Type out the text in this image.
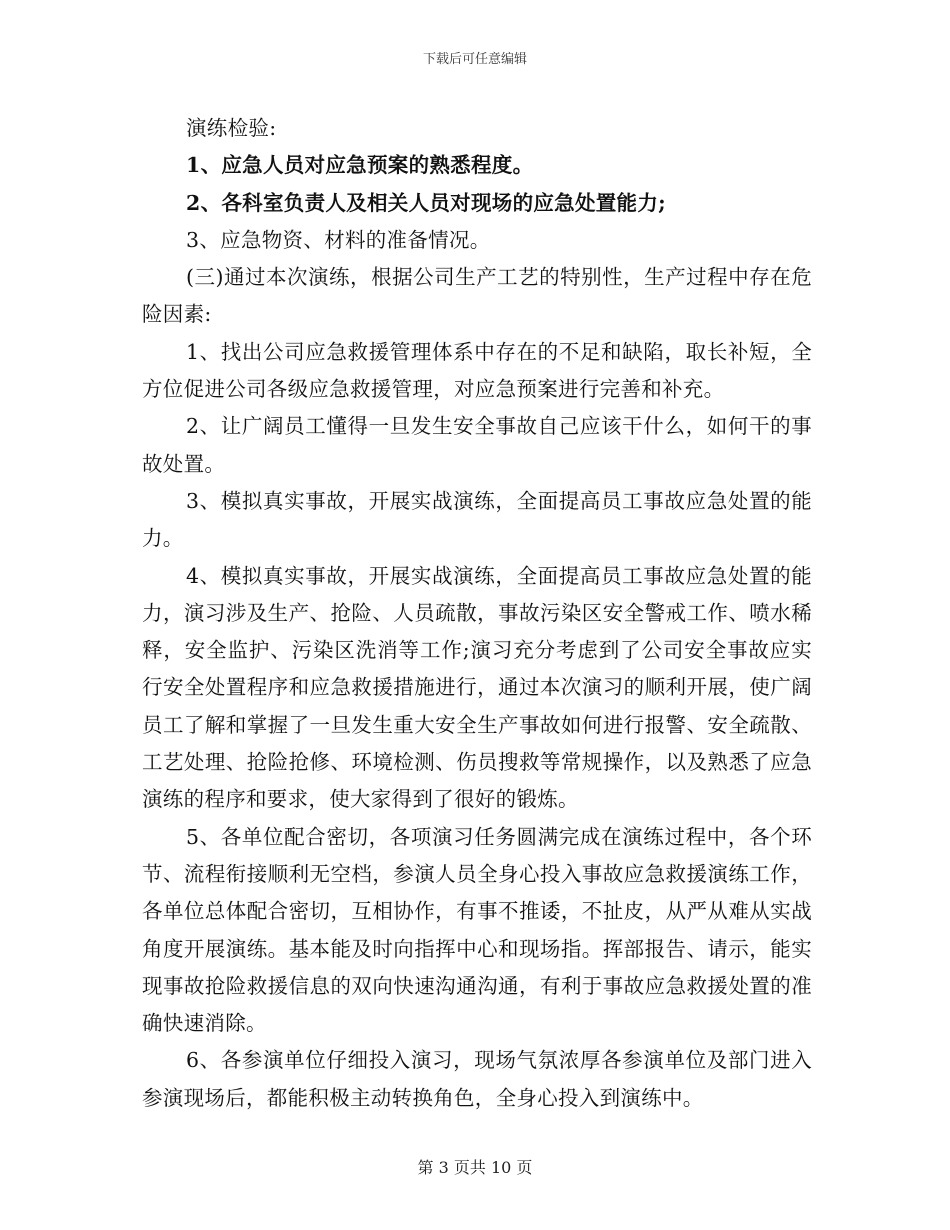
下载后可任意编辑

演练检验:

1、应急人员对应急预案的熟悉程度。

2、各科室负责人及相关人员对现场的应急处置能力;

3、应急物资、材料的准备情况。

(三)通过本次演练，根据公司生产工艺的特别性，生产过程中存在危险因素:

1、找出公司应急救援管理体系中存在的不足和缺陷，取长补短，全方位促进公司各级应急救援管理，对应急预案进行完善和补充。

2、让广阔员工懂得一旦发生安全事故自己应该干什么，如何干的事故处置。

3、模拟真实事故，开展实战演练，全面提高员工事故应急处置的能力。

4、模拟真实事故，开展实战演练，全面提高员工事故应急处置的能力，演习涉及生产、抢险、人员疏散，事故污染区安全警戒工作、喷水稀释，安全监护、污染区洗消等工作;演习充分考虑到了公司安全事故应实行安全处置程序和应急救援措施进行，通过本次演习的顺利开展，使广阔员工了解和掌握了一旦发生重大安全生产事故如何进行报警、安全疏散、工艺处理、抢险抢修、环境检测、伤员搜救等常规操作，以及熟悉了应急演练的程序和要求，使大家得到了很好的锻炼。

5、各单位配合密切，各项演习任务圆满完成在演练过程中，各个环节、流程衔接顺利无空档，参演人员全身心投入事故应急救援演练工作，各单位总体配合密切，互相协作，有事不推诿，不扯皮，从严从难从实战角度开展演练。基本能及时向指挥中心和现场指。挥部报告、请示，能实现事故抢险救援信息的双向快速沟通沟通，有利于事故应急救援处置的准确快速消除。

6、各参演单位仔细投入演习，现场气氛浓厚各参演单位及部门进入参演现场后，都能积极主动转换角色，全身心投入到演练中。

第 3 页共 10 页
